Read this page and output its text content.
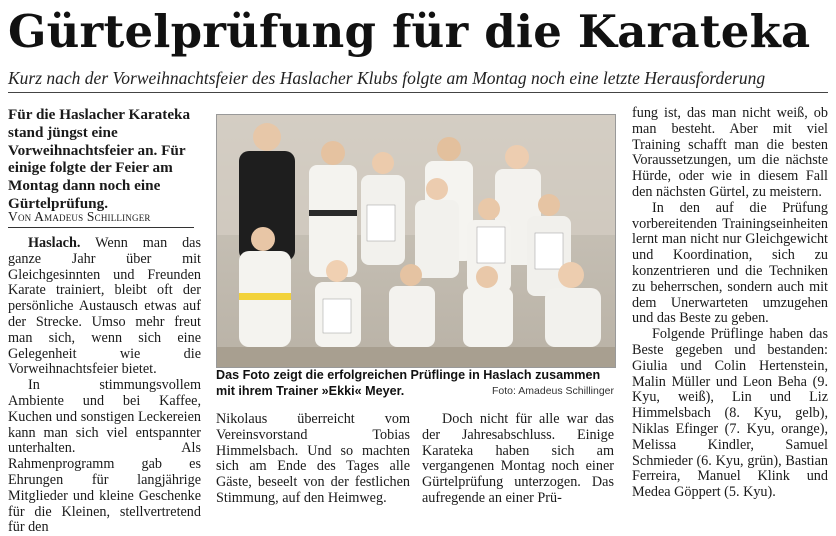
Gürtelprüfung für die Karateka
Kurz nach der Vorweihnachtsfeier des Haslacher Klubs folgte am Montag noch eine letzte Herausforderung
Für die Haslacher Karateka stand jüngst eine Vorweihnachtsfeier an. Für einige folgte der Feier am Montag dann noch eine Gürtelprüfung.
Von Amadeus Schillinger

Haslach. Wenn man das ganze Jahr über mit Gleichgesinnten und Freunden Karate trainiert, bleibt oft der persönliche Austausch etwas auf der Strecke. Umso mehr freut man sich, wenn sich eine Gelegenheit wie die Vorweihnachtsfeier bietet.

In stimmungsvollem Ambiente und bei Kaffee, Kuchen und sonstigen Leckereien kann man sich viel entspannter unterhalten. Als Rahmenprogramm gab es Ehrungen für langjährige Mitglieder und kleine Geschenke für die Kleinen, stellvertretend für den

Das Foto zeigt die erfolgreichen Prüflinge in Haslach zusammen mit ihrem Trainer »Ekki« Meyer.	Foto: Amadeus Schillinger

Nikolaus überreicht vom Vereinsvorstand Tobias Himmelsbach. Und so machten sich am Ende des Tages alle Gäste, beseelt von der festlichen Stimmung, auf den Heimweg.

Doch nicht für alle war das der Jahresabschluss. Einige Karateka haben sich am vergangenen Montag noch einer Gürtelprüfung unterzogen. Das aufregende an einer Prü-

fung ist, das man nicht weiß, ob man besteht. Aber mit viel Training schafft man die besten Voraussetzungen, um die nächste Hürde, oder wie in diesem Fall den nächsten Gürtel, zu meistern.

In den auf die Prüfung vorbereitenden Trainingseinheiten lernt man nicht nur Gleichgewicht und Koordination, sich zu konzentrieren und die Techniken zu beherrschen, sondern auch mit dem Unerwarteten umzugehen und das Beste zu geben.

Folgende Prüflinge haben das Beste gegeben und bestanden: Giulia und Colin Hertenstein, Malin Müller und Leon Beha (9. Kyu, weiß), Lin und Liz Himmelsbach (8. Kyu, gelb), Niklas Efinger (7. Kyu, orange), Melissa Kindler, Samuel Schmieder (6. Kyu, grün), Bastian Ferreira, Manuel Klink und Medea Göppert (5. Kyu).
